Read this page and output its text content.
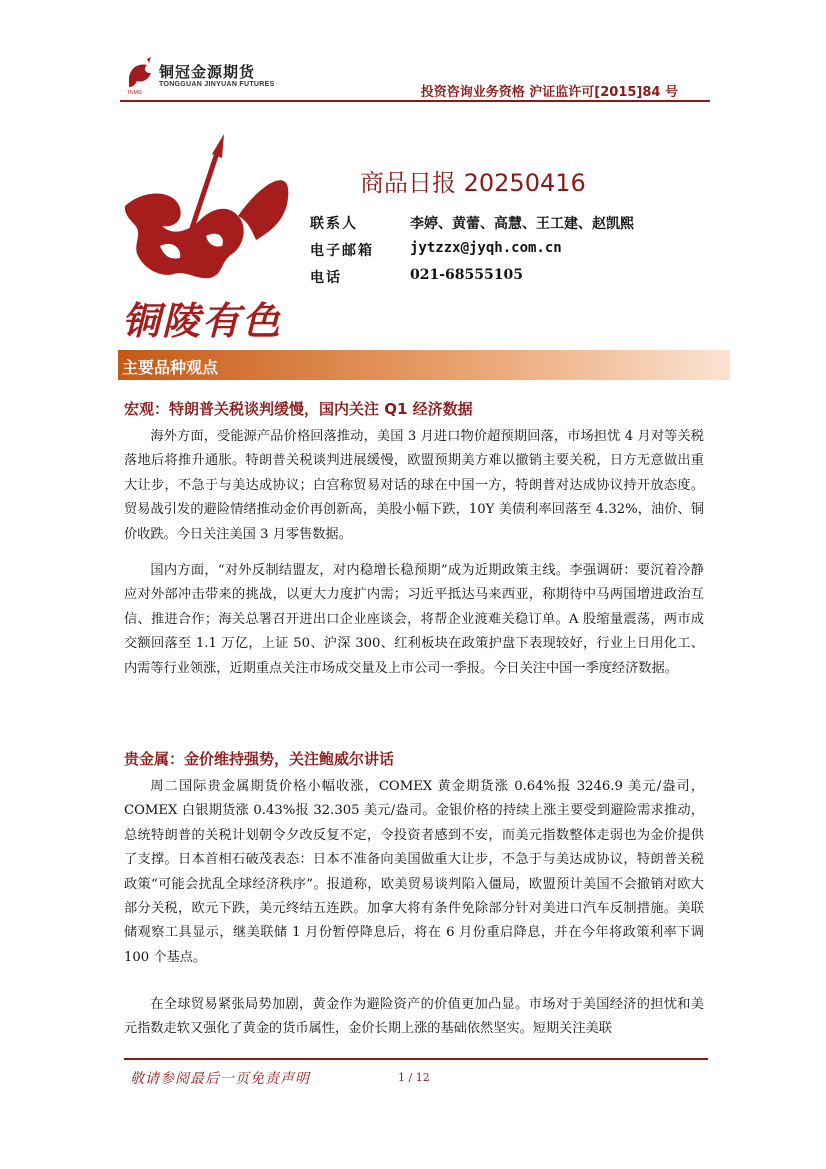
TNMG
铜冠金源期货
TONGGUAN JINYUAN FUTURES
投资咨询业务资格 沪证监许可[2015]84 号
铜陵有色
商品日报 20250416
联系人	李婷、黄蕾、高慧、王工建、赵凯熙
电子邮箱	jytzzx@jyqh.com.cn
电话	021-68555105
主要品种观点
宏观：特朗普关税谈判缓慢，国内关注 Q1 经济数据
海外方面，受能源产品价格回落推动，美国 3 月进口物价超预期回落，市场担忧 4 月对等关税落地后将推升通胀。特朗普关税谈判进展缓慢，欧盟预期美方难以撤销主要关税，日方无意做出重大让步，不急于与美达成协议；白宫称贸易对话的球在中国一方，特朗普对达成协议持开放态度。贸易战引发的避险情绪推动金价再创新高，美股小幅下跌，10Y 美债利率回落至 4.32%，油价、铜价收跌。今日关注美国 3 月零售数据。
国内方面，“对外反制结盟友，对内稳增长稳预期”成为近期政策主线。李强调研：要沉着冷静应对外部冲击带来的挑战，以更大力度扩内需；习近平抵达马来西亚，称期待中马两国增进政治互信、推进合作；海关总署召开进出口企业座谈会，将帮企业渡难关稳订单。A 股缩量震荡，两市成交额回落至 1.1 万亿，上证 50、沪深 300、红利板块在政策护盘下表现较好，行业上日用化工、内需等行业领涨，近期重点关注市场成交量及上市公司一季报。今日关注中国一季度经济数据。
贵金属：金价维持强势，关注鲍威尔讲话
周二国际贵金属期货价格小幅收涨，COMEX 黄金期货涨 0.64%报 3246.9 美元/盎司，COMEX 白银期货涨 0.43%报 32.305 美元/盎司。金银价格的持续上涨主要受到避险需求推动，总统特朗普的关税计划朝令夕改反复不定，令投资者感到不安，而美元指数整体走弱也为金价提供了支撑。日本首相石破茂表态：日本不准备向美国做重大让步，不急于与美达成协议，特朗普关税政策“可能会扰乱全球经济秩序”。报道称，欧美贸易谈判陷入僵局，欧盟预计美国不会撤销对欧大部分关税，欧元下跌，美元终结五连跌。加拿大将有条件免除部分针对美进口汽车反制措施。美联储观察工具显示，继美联储 1 月份暂停降息后，将在 6 月份重启降息，并在今年将政策利率下调 100 个基点。
在全球贸易紧张局势加剧，黄金作为避险资产的价值更加凸显。市场对于美国经济的担忧和美元指数走软又强化了黄金的货币属性，金价长期上涨的基础依然坚实。短期关注美联
敬请参阅最后一页免责声明	1 / 12
